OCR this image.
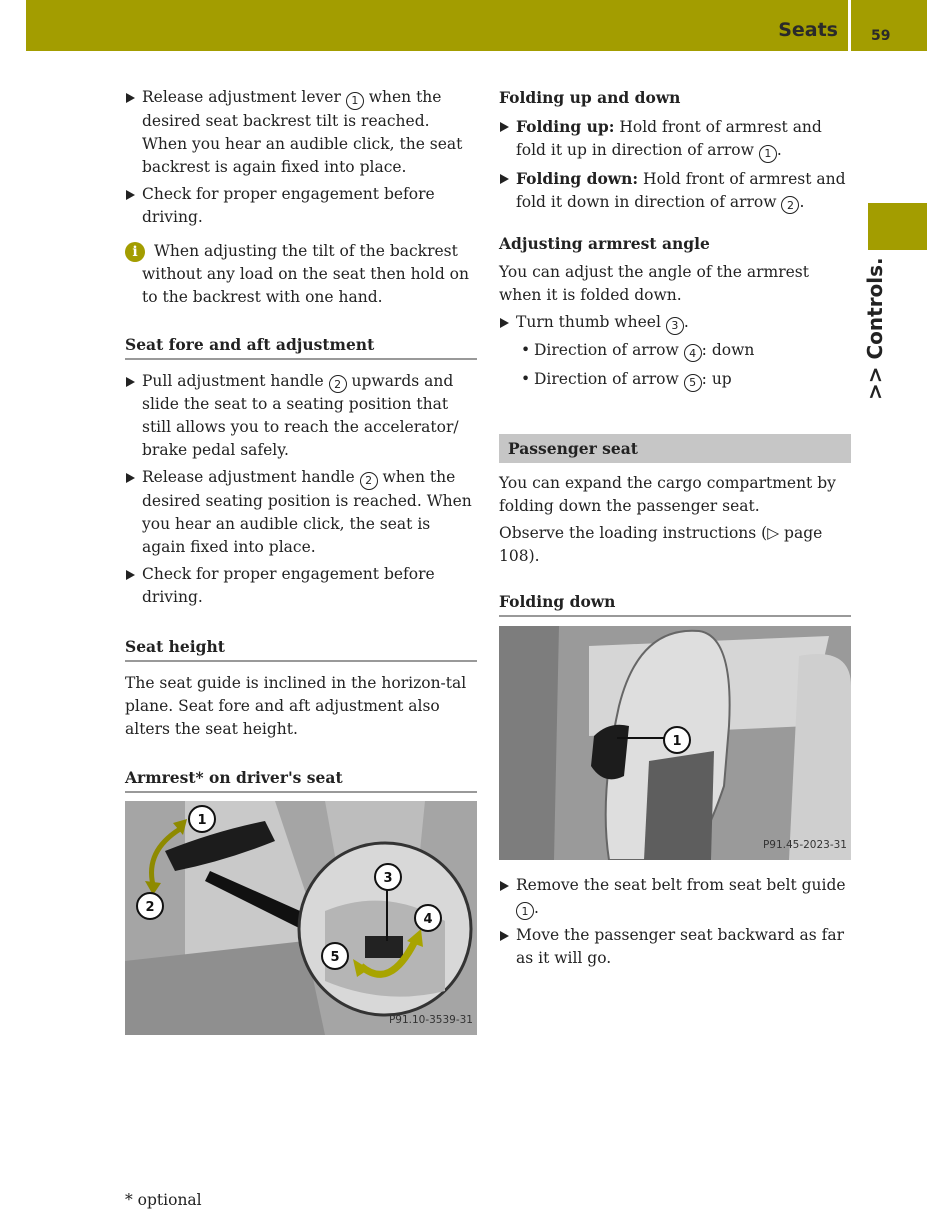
Seats 59
>> Controls.
Release adjustment lever 1 when the desired seat backrest tilt is reached. When you hear an audible click, the seat backrest is again fixed into place.
Check for proper engagement before driving.
i	When adjusting the tilt of the backrest without any load on the seat then hold on to the backrest with one hand.
Seat fore and aft adjustment
Pull adjustment handle 2 upwards and slide the seat to a seating position that still allows you to reach the accelerator/ brake pedal safely.
Release adjustment handle 2 when the desired seating position is reached. When you hear an audible click, the seat is again fixed into place.
Check for proper engagement before driving.
Seat height
The seat guide is inclined in the horizon-tal plane. Seat fore and aft adjustment also alters the seat height.
Armrest* on driver's seat
1
2
3
4
5
P91.10-3539-31
Folding up and down
Folding up: Hold front of armrest and fold it up in direction of arrow 1 .
Folding down: Hold front of armrest and fold it down in direction of arrow 2 .
Adjusting armrest angle
You can adjust the angle of the armrest when it is folded down.
Turn thumb wheel 3 .
• Direction of arrow 4 : down
• Direction of arrow 5 : up
Passenger seat
You can expand the cargo compartment by folding down the passenger seat.
Observe the loading instructions (▷ page 108).
Folding down
1
P91.45-2023-31
Remove the seat belt from seat belt guide 1 .
Move the passenger seat backward as far as it will go.
* optional
